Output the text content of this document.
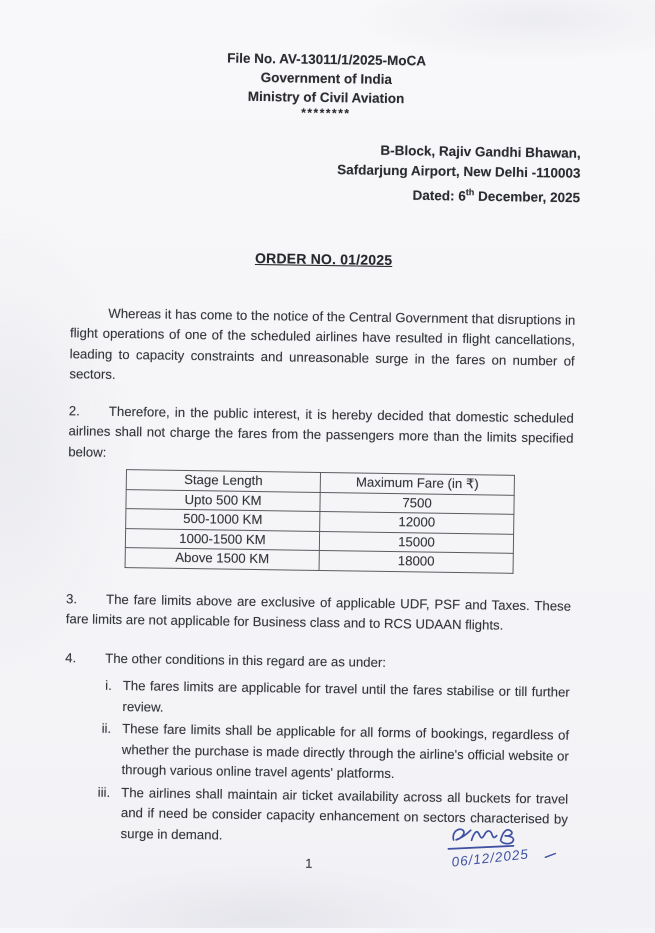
File No. AV-13011/1/2025-MoCA
Government of India
Ministry of Civil Aviation
********
B-Block, Rajiv Gandhi Bhawan,
Safdarjung Airport, New Delhi -110003
Dated: 6th December, 2025
ORDER NO. 01/2025
Whereas it has come to the notice of the Central Government that disruptions in flight operations of one of the scheduled airlines have resulted in flight cancellations, leading to capacity constraints and unreasonable surge in the fares on number of sectors.
2. Therefore, in the public interest, it is hereby decided that domestic scheduled airlines shall not charge the fares from the passengers more than the limits specified below:
Stage Length	Maximum Fare (in ₹)
Upto 500 KM	7500
500-1000 KM	12000
1000-1500 KM	15000
Above 1500 KM	18000
3. The fare limits above are exclusive of applicable UDF, PSF and Taxes. These fare limits are not applicable for Business class and to RCS UDAAN flights.
4. The other conditions in this regard are as under:
i. The fares limits are applicable for travel until the fares stabilise or till further review.
ii. These fare limits shall be applicable for all forms of bookings, regardless of whether the purchase is made directly through the airline's official website or through various online travel agents' platforms.
iii. The airlines shall maintain air ticket availability across all buckets for travel and if need be consider capacity enhancement on sectors characterised by surge in demand.
06/12/2025
1
